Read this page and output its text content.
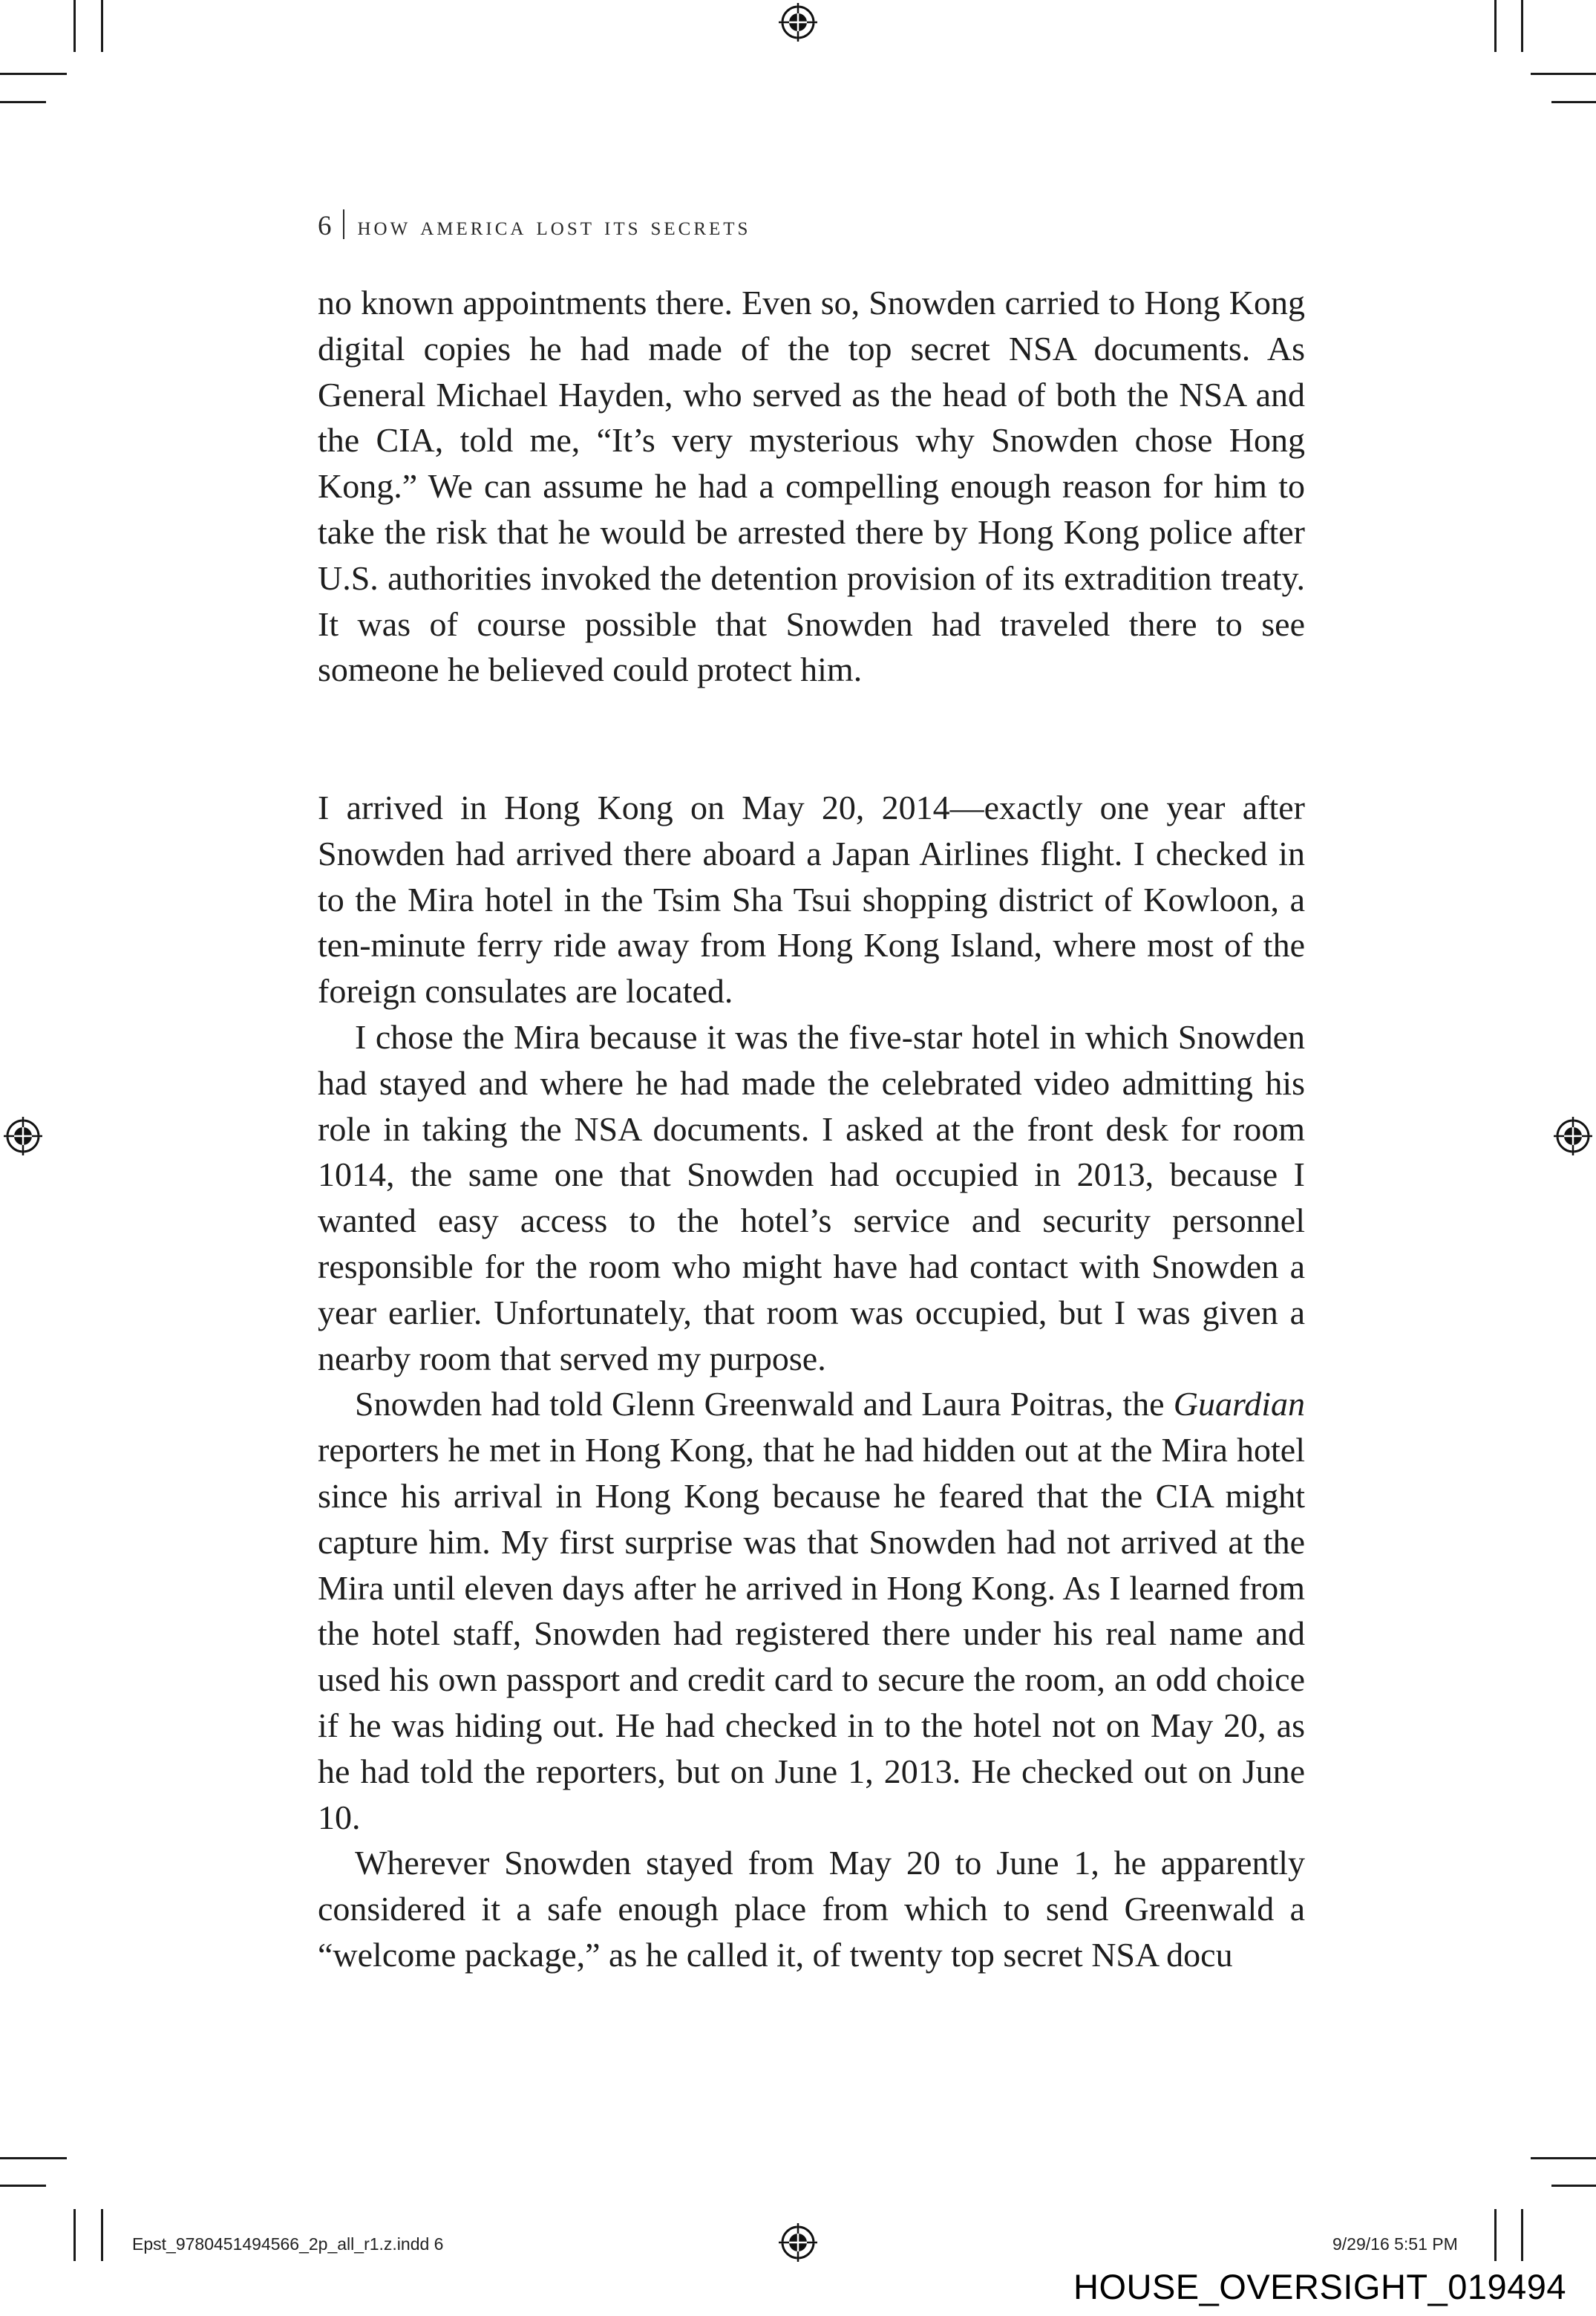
6 how america lost its secrets

no known appointments there. Even so, Snowden carried to Hong Kong digital copies he had made of the top secret NSA documents. As General Michael Hayden, who served as the head of both the NSA and the CIA, told me, “It’s very mysterious why Snowden chose Hong Kong.” We can assume he had a compelling enough reason for him to take the risk that he would be arrested there by Hong Kong police after U.S. authorities invoked the detention provision of its extradition treaty. It was of course possible that Snowden had traveled there to see someone he believed could protect him.

I arrived in Hong Kong on May 20, 2014—exactly one year after Snowden had arrived there aboard a Japan Airlines flight. I checked in to the Mira hotel in the Tsim Sha Tsui shopping district of Kowloon, a ten-minute ferry ride away from Hong Kong Island, where most of the foreign consulates are located.

I chose the Mira because it was the five-star hotel in which Snowden had stayed and where he had made the celebrated video admitting his role in taking the NSA documents. I asked at the front desk for room 1014, the same one that Snowden had occupied in 2013, because I wanted easy access to the hotel’s service and security personnel responsible for the room who might have had contact with Snowden a year earlier. Unfortunately, that room was occupied, but I was given a nearby room that served my purpose.

Snowden had told Glenn Greenwald and Laura Poitras, the Guardian reporters he met in Hong Kong, that he had hidden out at the Mira hotel since his arrival in Hong Kong because he feared that the CIA might capture him. My first surprise was that Snowden had not arrived at the Mira until eleven days after he arrived in Hong Kong. As I learned from the hotel staff, Snowden had registered there under his real name and used his own passport and credit card to secure the room, an odd choice if he was hiding out. He had checked in to the hotel not on May 20, as he had told the reporters, but on June 1, 2013. He checked out on June 10.

Wherever Snowden stayed from May 20 to June 1, he apparently considered it a safe enough place from which to send Greenwald a “welcome package,” as he called it, of twenty top secret NSA docu

Epst_9780451494566_2p_all_r1.z.indd 6	9/29/16 5:51 PM
HOUSE_OVERSIGHT_019494
